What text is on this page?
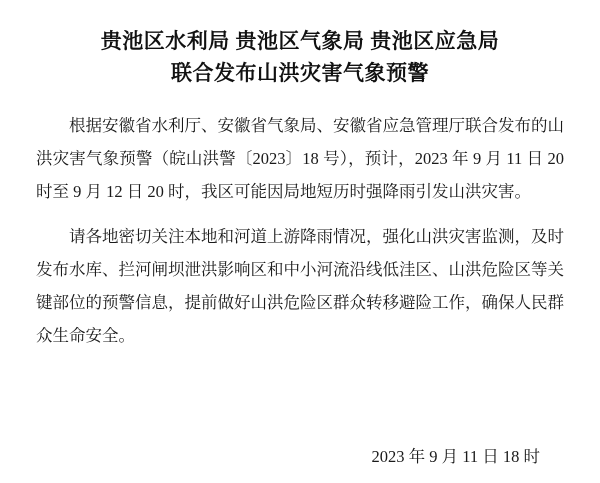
贵池区水利局 贵池区气象局 贵池区应急局
联合发布山洪灾害气象预警

根据安徽省水利厅、安徽省气象局、安徽省应急管理厅联合发布的山洪灾害气象预警（皖山洪警〔2023〕18 号），预计，2023 年 9 月 11 日 20 时至 9 月 12 日 20 时，我区可能因局地短历时强降雨引发山洪灾害。

请各地密切关注本地和河道上游降雨情况，强化山洪灾害监测，及时发布水库、拦河闸坝泄洪影响区和中小河流沿线低洼区、山洪危险区等关键部位的预警信息，提前做好山洪危险区群众转移避险工作，确保人民群众生命安全。

2023 年 9 月 11 日 18 时
